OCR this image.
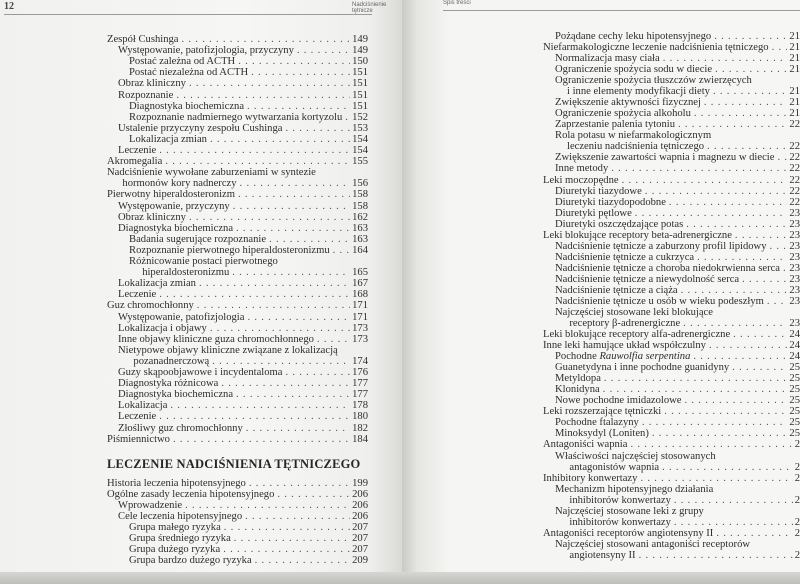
12	Nadciśnienie tętnicze
Zespół Cushinga . . .	149
Występowanie, patofizjologia, przyczyny . . .	149
Postać zależna od ACTH . . .	150
Postać niezależna od ACTH . . .	151
Obraz kliniczny . . .	151
Rozpoznanie . . .	151
Diagnostyka biochemiczna . . .	151
Rozpoznanie nadmiernego wytwarzania kortyzolu . . . 152
Ustalenie przyczyny zespołu Cushinga . . .	153
Lokalizacja zmian . . .	154
Leczenie . . .	154
Akromegalia . . .	155
Nadciśnienie wywołane zaburzeniami w syntezie
hormonów kory nadnerczy . . .	156
Pierwotny hiperaldosteronizm . . .	158
Występowanie, przyczyny . . .	158
Obraz kliniczny . . .	162
Diagnostyka biochemiczna . . .	163
Badania sugerujące rozpoznanie . . .	163
Rozpoznanie pierwotnego hiperaldosteronizmu . . . 164
Różnicowanie postaci pierwotnego
hiperaldosteronizmu . . .	165
Lokalizacja zmian . . .	167
Leczenie . . .	168
Guz chromochłonny . . .	171
Występowanie, patofizjologia . . .	171
Lokalizacja i objawy . . .	173
Inne objawy kliniczne guza chromochłonnego . . .	173
Nietypowe objawy kliniczne związane z lokalizacją
pozanadnerczową . . .	174
Guzy skąpoobjawowe i incydentaloma . . .	176
Diagnostyka różnicowa . . .	177
Diagnostyka biochemiczna . . .	177
Lokalizacja . . .	178
Leczenie . . .	180
Złośliwy guz chromochłonny . . .	182
Piśmiennictwo . . .	184
LECZENIE NADCIŚNIENIA TĘTNICZEGO
Historia leczenia hipotensyjnego . . .	199
Ogólne zasady leczenia hipotensyjnego . . .	206
Wprowadzenie . . .	206
Cele leczenia hipotensyjnego . . .	206
Grupa małego ryzyka . . .	207
Grupa średniego ryzyka . . .	207
Grupa dużego ryzyka . . .	207
Grupa bardzo dużego ryzyka . . .	209
Spis treści
Pożądane cechy leku hipotensyjnego . . .	21
Niefarmakologiczne leczenie nadciśnienia tętniczego . . . 21
Normalizacja masy ciała . . .	21
Ograniczenie spożycia sodu w diecie . . .	21
Ograniczenie spożycia tłuszczów zwierzęcych
i inne elementy modyfikacji diety . . .	21
Zwiększenie aktywności fizycznej . . .	21
Ograniczenie spożycia alkoholu . . .	21
Zaprzestanie palenia tytoniu . . .	22
Rola potasu w niefarmakologicznym
leczeniu nadciśnienia tętniczego . . .	22
Zwiększenie zawartości wapnia i magnezu w diecie . . . 22
Inne metody . . .	22
Leki moczopędne . . .	22
Diuretyki tiazydowe . . .	22
Diuretyki tiazydopodobne . . .	22
Diuretyki pętlowe . . .	23
Diuretyki oszczędzające potas . . .	23
Leki blokujące receptory beta-adrenergiczne . . .	23
Nadciśnienie tętnicze a zaburzony profil lipidowy . . . 23
Nadciśnienie tętnicze a cukrzyca . . .	23
Nadciśnienie tętnicze a choroba niedokrwienna serca . . . 23
Nadciśnienie tętnicze a niewydolność serca . . .	23
Nadciśnienie tętnicze a ciąża . . .	23
Nadciśnienie tętnicze u osób w wieku podeszłym . . . 23
Najczęściej stosowane leki blokujące
receptory β-adrenergiczne . . .	23
Leki blokujące receptory alfa-adrenergiczne . . .	24
Inne leki hamujące układ współczulny . . .	24
Pochodne Rauwolfia serpentina . . .	24
Guanetydyna i inne pochodne guanidyny . . .	25
Metyldopa . . .	25
Klonidyna . . .	25
Nowe pochodne imidazolowe . . .	25
Leki rozszerzające tętniczki . . .	25
Pochodne ftalazyny . . .	25
Minoksydyl (Loniten) . . .	25
Antagoniści wapnia . . .	2
Właściwości najczęściej stosowanych
antagonistów wapnia . . .	2
Inhibitory konwertazy . . .	2
Mechanizm hipotensyjnego działania
inhibitorów konwertazy . . .	2
Najczęściej stosowane leki z grupy
inhibitorów konwertazy . . .	2
Antagoniści receptorów angiotensyny II . . .	2
Najczęściej stosowani antagoniści receptorów
angiotensyny II . . .	2
